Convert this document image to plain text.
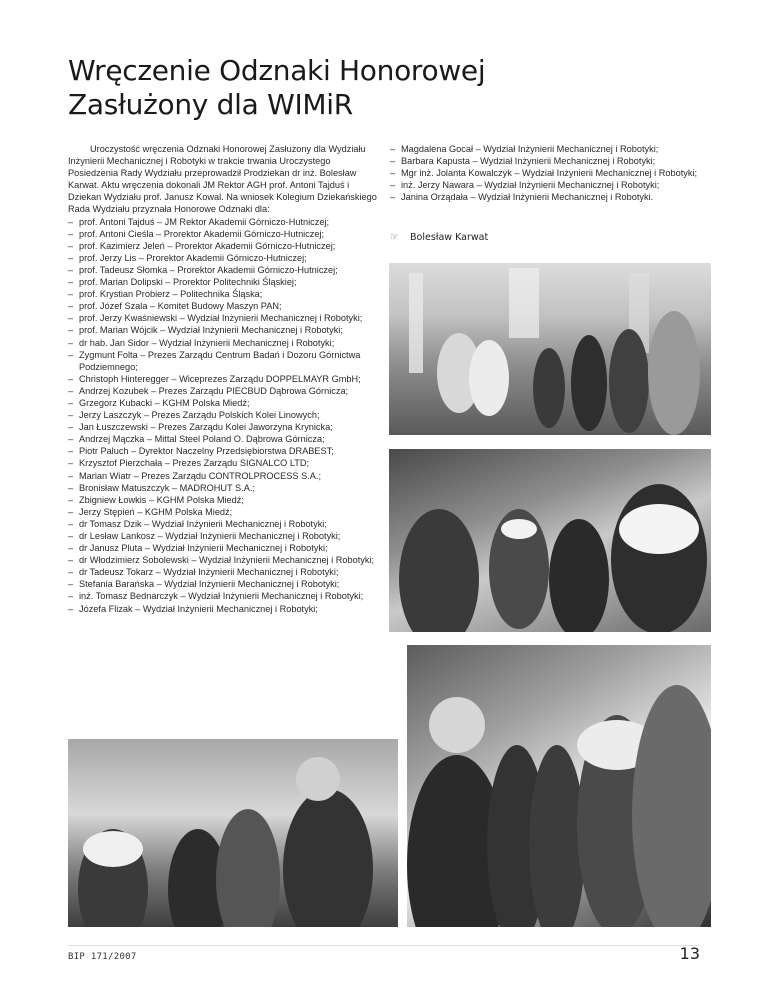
Wręczenie Odznaki Honorowej
Zasłużony dla WIMiR

Uroczystość wręczenia Odznaki Honorowej Zasłużony dla Wydziału Inżynierii Mechanicznej i Robotyki w trakcie trwania Uroczystego Posiedzenia Rady Wydziału przeprowadził Prodziekan dr inż. Bolesław Karwat. Aktu wręczenia dokonali JM Rektor AGH prof. Antoni Tajduś i Dziekan Wydziału prof. Janusz Kowal. Na wniosek Kolegium Dziekańskiego Rada Wydziału przyznała Honorowe Odznaki dla:

– prof. Antoni Tajduś – JM Rektor Akademii Górniczo-Hutniczej;
– prof. Antoni Cieśla – Prorektor Akademii Górniczo-Hutniczej;
– prof. Kazimierz Jeleń – Prorektor Akademii Górniczo-Hutniczej;
– prof. Jerzy Lis – Prorektor Akademii Górniczo-Hutniczej;
– prof. Tadeusz Słomka – Prorektor Akademii Górniczo-Hutniczej;
– prof. Marian Dolipski – Prorektor Politechniki Śląskiej;
– prof. Krystian Probierz – Politechnika Śląska;
– prof. Józef Szala – Komitet Budowy Maszyn PAN;
– prof. Jerzy Kwaśniewski – Wydział Inżynierii Mechanicznej i Robotyki;
– prof. Marian Wójcik – Wydział Inżynierii Mechanicznej i Robotyki;
– dr hab. Jan Sidor – Wydział Inżynierii Mechanicznej i Robotyki;
– Zygmunt Folta – Prezes Zarządu Centrum Badań i Dozoru Górnictwa Podziemnego;
– Christoph Hinteregger – Wiceprezes Zarządu DOPPELMAYR GmbH;
– Andrzej Kozubek – Prezes Zarządu PIECBUD Dąbrowa Górnicza;
– Grzegorz Kubacki – KGHM Polska Miedź;
– Jerzy Laszczyk – Prezes Zarządu Polskich Kolei Linowych;
– Jan Łuszczewski – Prezes Zarządu Kolei Jaworzyna Krynicka;
– Andrzej Mączka – Mittal Steel Poland O. Dąbrowa Górnicza;
– Piotr Paluch – Dyrektor Naczelny Przedsiębiorstwa DRABEST;
– Krzysztof Pierzchała – Prezes Zarządu SIGNALCO LTD;
– Marian Wiatr – Prezes Zarządu CONTROLPROCESS S.A.;
– Bronisław Matuszczyk – MADROHUT S.A.;
– Zbigniew Łowkis – KGHM Polska Miedź;
– Jerzy Stępień – KGHM Polska Miedź;
– dr Tomasz Dzik – Wydział Inżynierii Mechanicznej i Robotyki;
– dr Lesław Lankosz – Wydział Inżynierii Mechanicznej i Robotyki;
– dr Janusz Pluta – Wydział Inżynierii Mechanicznej i Robotyki;
– dr Włodzimierz Sobolewski – Wydział Inżynierii Mechanicznej i Robotyki;
– dr Tadeusz Tokarz – Wydział Inżynierii Mechanicznej i Robotyki;
– Stefania Barańska – Wydział Inżynierii Mechanicznej i Robotyki;
– inż. Tomasz Bednarczyk – Wydział Inżynierii Mechanicznej i Robotyki;
– Józefa Flizak – Wydział Inżynierii Mechanicznej i Robotyki;
– Magdalena Gocał – Wydział Inżynierii Mechanicznej i Robotyki;
– Barbara Kapusta – Wydział Inżynierii Mechanicznej i Robotyki;
– Mgr inż. Jolanta Kowalczyk – Wydział Inżynierii Mechanicznej i Robotyki;
– inż. Jerzy Nawara – Wydział Inżynierii Mechanicznej i Robotyki;
– Janina Orządała – Wydział Inżynierii Mechanicznej i Robotyki.
☞ Bolesław Karwat
BIP 171/2007	13
